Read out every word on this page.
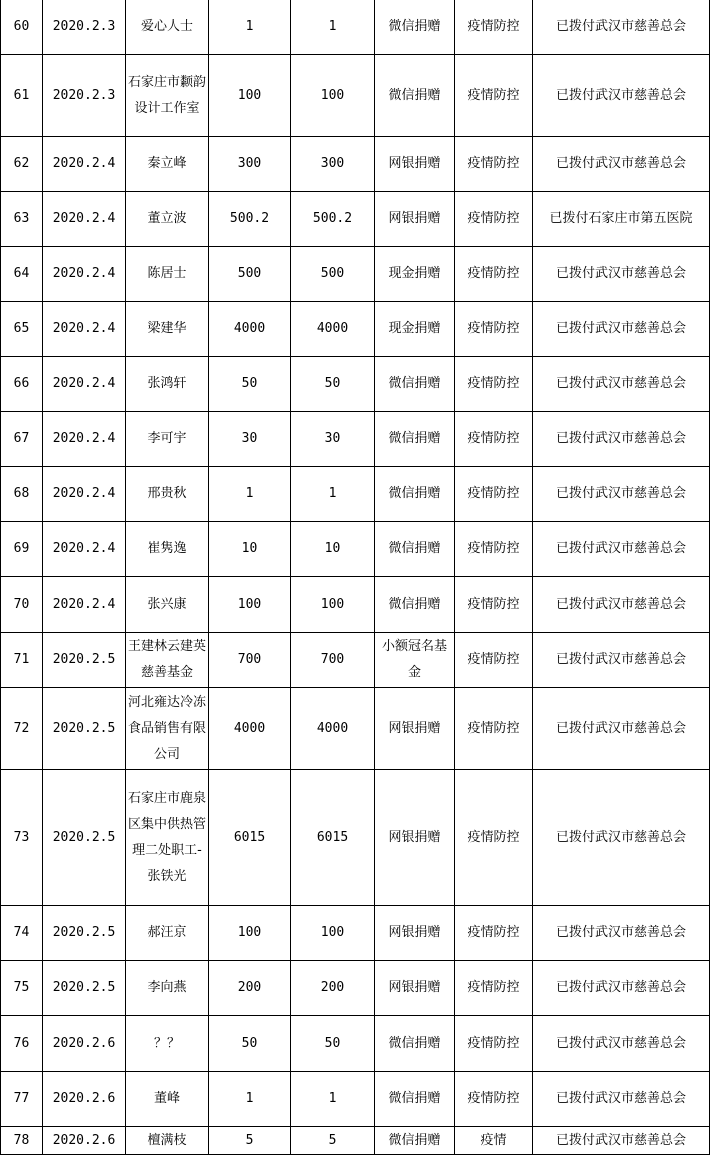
60	2020.2.3	爱心人士	1	1	微信捐赠	疫情防控	已拨付武汉市慈善总会
61	2020.2.3	石家庄市颣韵设计工作室	100	100	微信捐赠	疫情防控	已拨付武汉市慈善总会
62	2020.2.4	秦立峰	300	300	网银捐赠	疫情防控	已拨付武汉市慈善总会
63	2020.2.4	董立波	500.2	500.2	网银捐赠	疫情防控	已拨付石家庄市第五医院
64	2020.2.4	陈居士	500	500	现金捐赠	疫情防控	已拨付武汉市慈善总会
65	2020.2.4	梁建华	4000	4000	现金捐赠	疫情防控	已拨付武汉市慈善总会
66	2020.2.4	张鸿轩	50	50	微信捐赠	疫情防控	已拨付武汉市慈善总会
67	2020.2.4	李可宇	30	30	微信捐赠	疫情防控	已拨付武汉市慈善总会
68	2020.2.4	邢贵秋	1	1	微信捐赠	疫情防控	已拨付武汉市慈善总会
69	2020.2.4	崔隽逸	10	10	微信捐赠	疫情防控	已拨付武汉市慈善总会
70	2020.2.4	张兴康	100	100	微信捐赠	疫情防控	已拨付武汉市慈善总会
71	2020.2.5	王建林云建英慈善基金	700	700	小额冠名基金	疫情防控	已拨付武汉市慈善总会
72	2020.2.5	河北雍达冷冻食品销售有限公司	4000	4000	网银捐赠	疫情防控	已拨付武汉市慈善总会
73	2020.2.5	石家庄市鹿泉区集中供热管理二处职工-张铁光	6015	6015	网银捐赠	疫情防控	已拨付武汉市慈善总会
74	2020.2.5	郝汪京	100	100	网银捐赠	疫情防控	已拨付武汉市慈善总会
75	2020.2.5	李向燕	200	200	网银捐赠	疫情防控	已拨付武汉市慈善总会
76	2020.2.6	？？	50	50	微信捐赠	疫情防控	已拨付武汉市慈善总会
77	2020.2.6	董峰	1	1	微信捐赠	疫情防控	已拨付武汉市慈善总会
78	2020.2.6	檀满枝	5	5	微信捐赠	疫情	已拨付武汉市慈善总会
